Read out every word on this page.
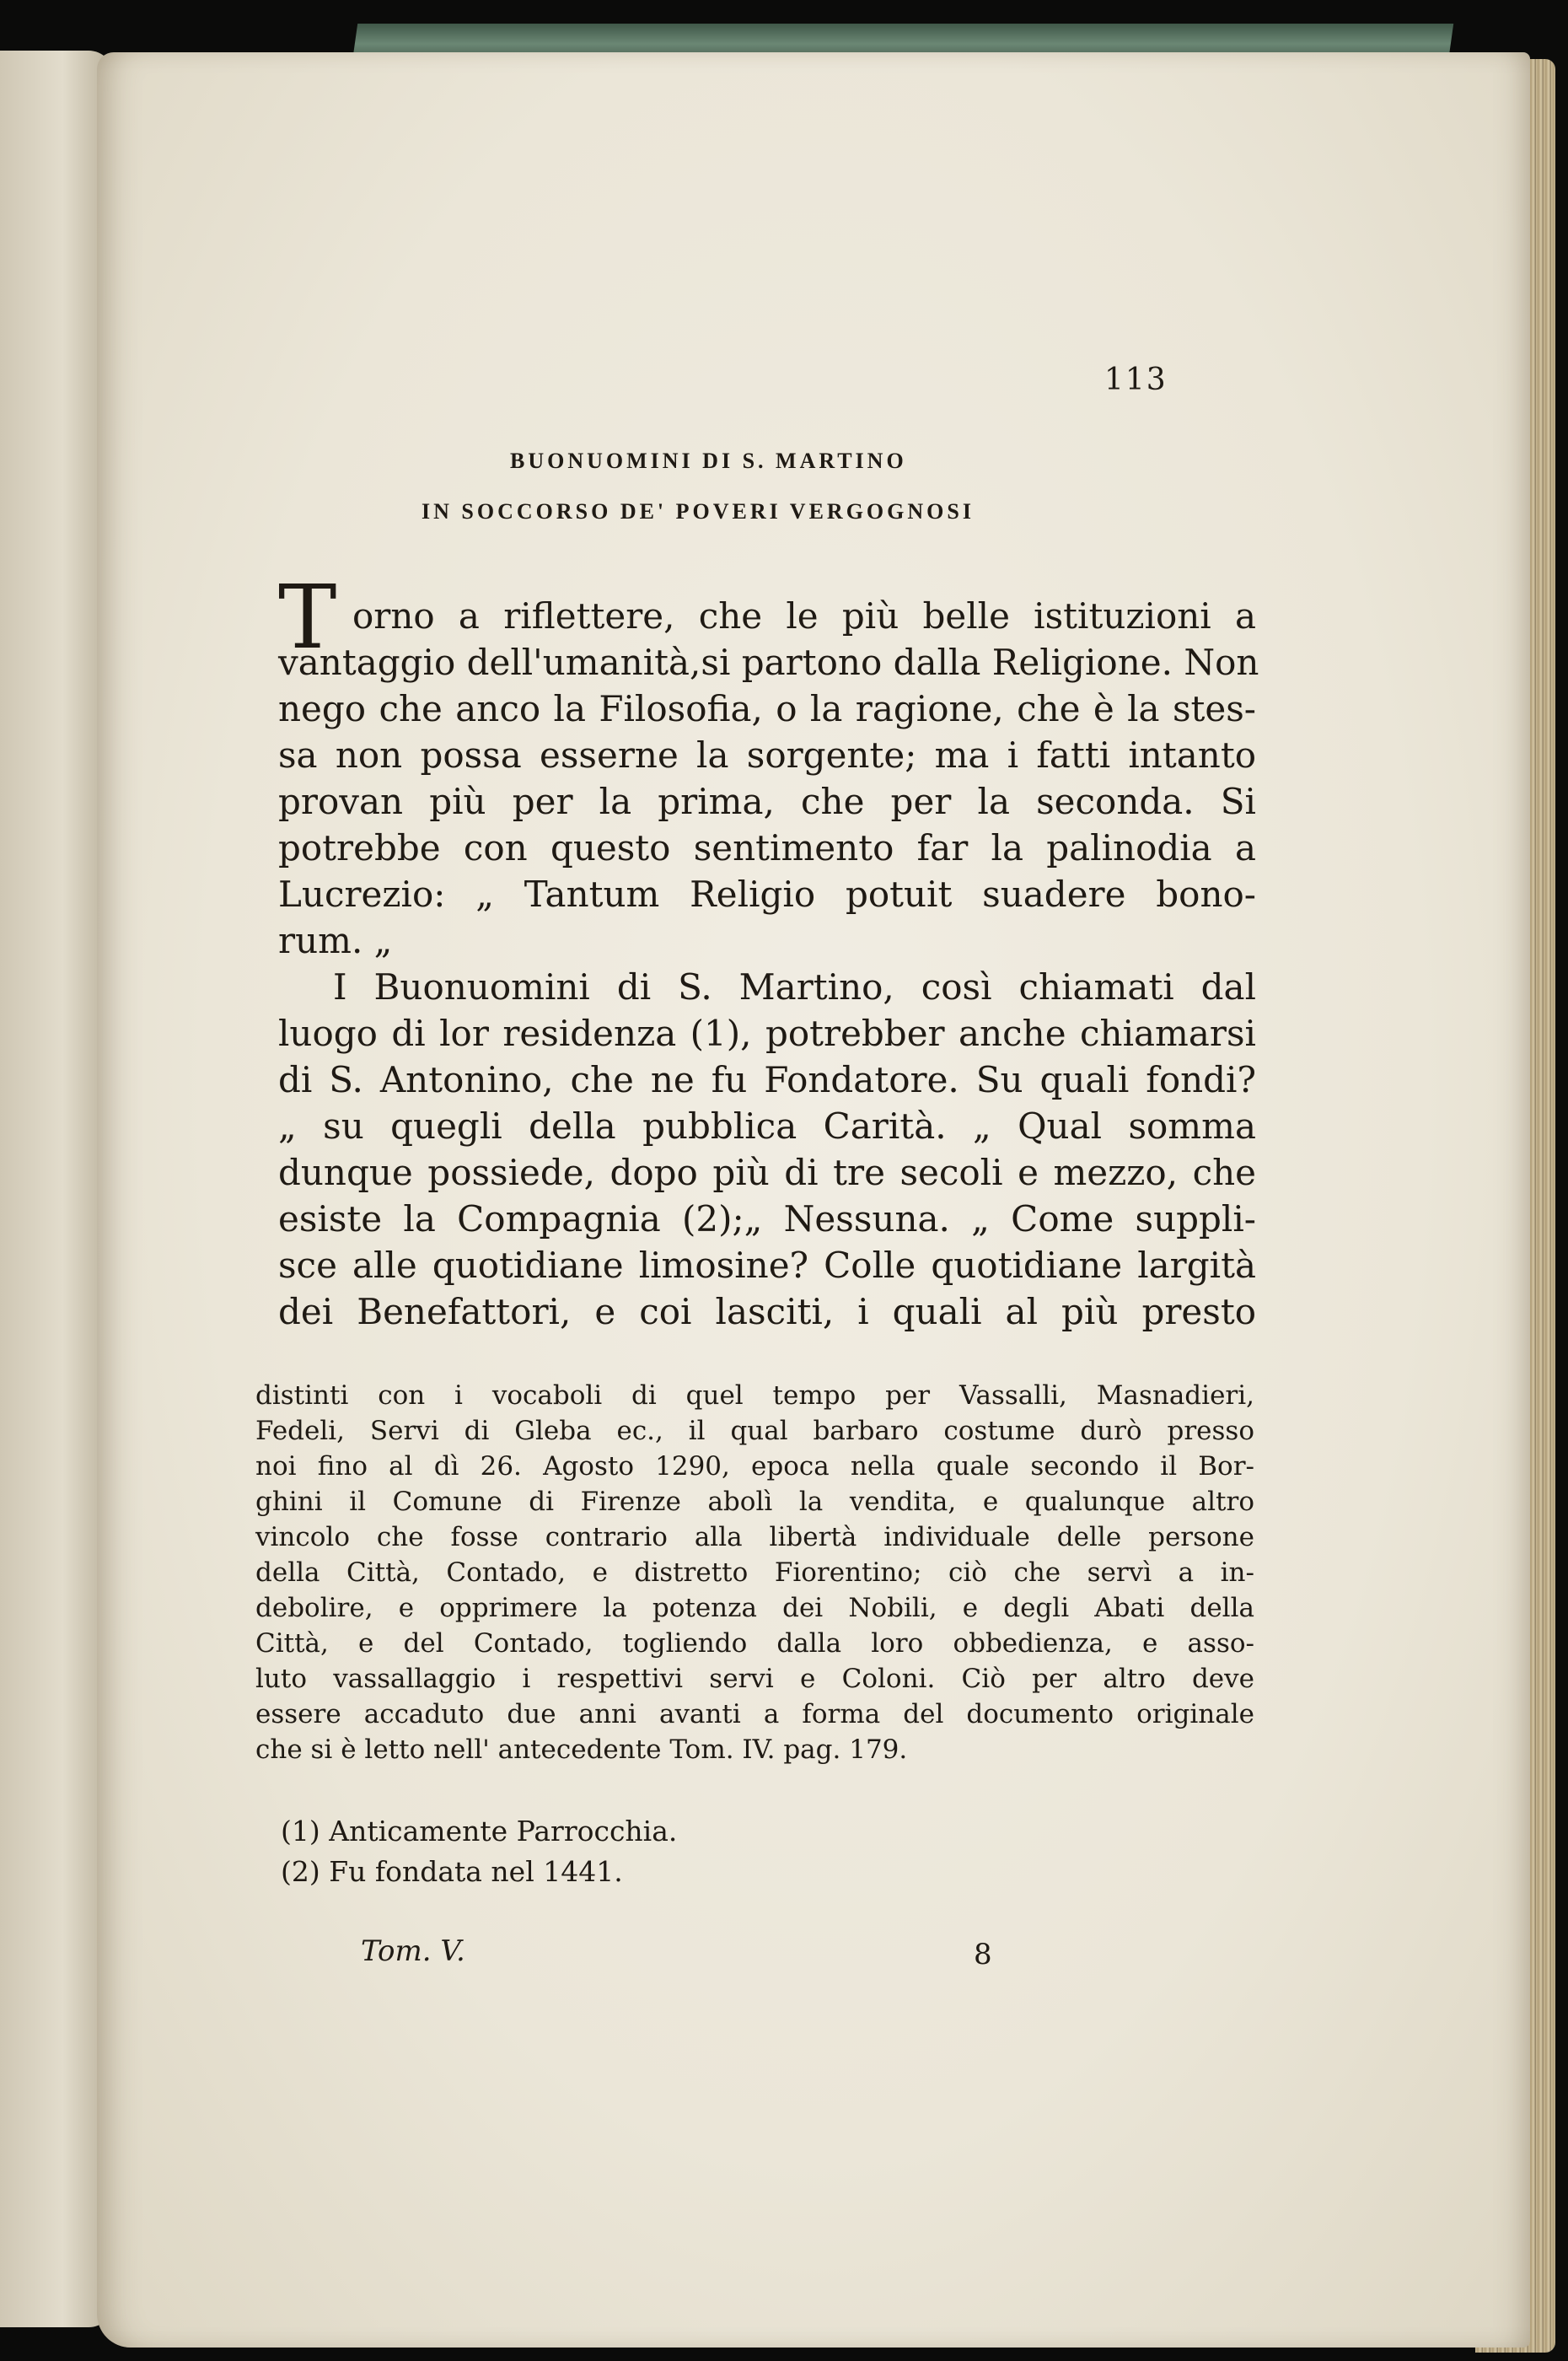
113

BUONUOMINI DI S. MARTINO

IN SOCCORSO DE' POVERI VERGOGNOSI

T orno a riflettere, che le più belle istituzioni a

vantaggio dell'umanità,si partono dalla Religione. Non

nego che anco la Filosofia, o la ragione, che è la stes-

sa non possa esserne la sorgente; ma i fatti intanto

provan più per la prima, che per la seconda. Si

potrebbe con questo sentimento far la palinodia a

Lucrezio: „ Tantum Religio potuit suadere bono-

rum. „

I Buonuomini di S. Martino, così chiamati dal

luogo di lor residenza (1), potrebber anche chiamarsi

di S. Antonino, che ne fu Fondatore. Su quali fondi?

„ su quegli della pubblica Carità. „ Qual somma

dunque possiede, dopo più di tre secoli e mezzo, che

esiste la Compagnia (2);„ Nessuna. „ Come suppli-

sce alle quotidiane limosine? Colle quotidiane largità

dei Benefattori, e coi lasciti, i quali al più presto

distinti con i vocaboli di quel tempo per Vassalli, Masnadieri,

Fedeli, Servi di Gleba ec., il qual barbaro costume durò presso

noi fino al dì 26. Agosto 1290, epoca nella quale secondo il Bor-

ghini il Comune di Firenze abolì la vendita, e qualunque altro

vincolo che fosse contrario alla libertà individuale delle persone

della Città, Contado, e distretto Fiorentino; ciò che servì a in-

debolire, e opprimere la potenza dei Nobili, e degli Abati della

Città, e del Contado, togliendo dalla loro obbedienza, e asso-

luto vassallaggio i respettivi servi e Coloni. Ciò per altro deve

essere accaduto due anni avanti a forma del documento originale

che si è letto nell' antecedente Tom. IV. pag. 179.

(1) Anticamente Parrocchia.

(2) Fu fondata nel 1441.

Tom. V.	8
